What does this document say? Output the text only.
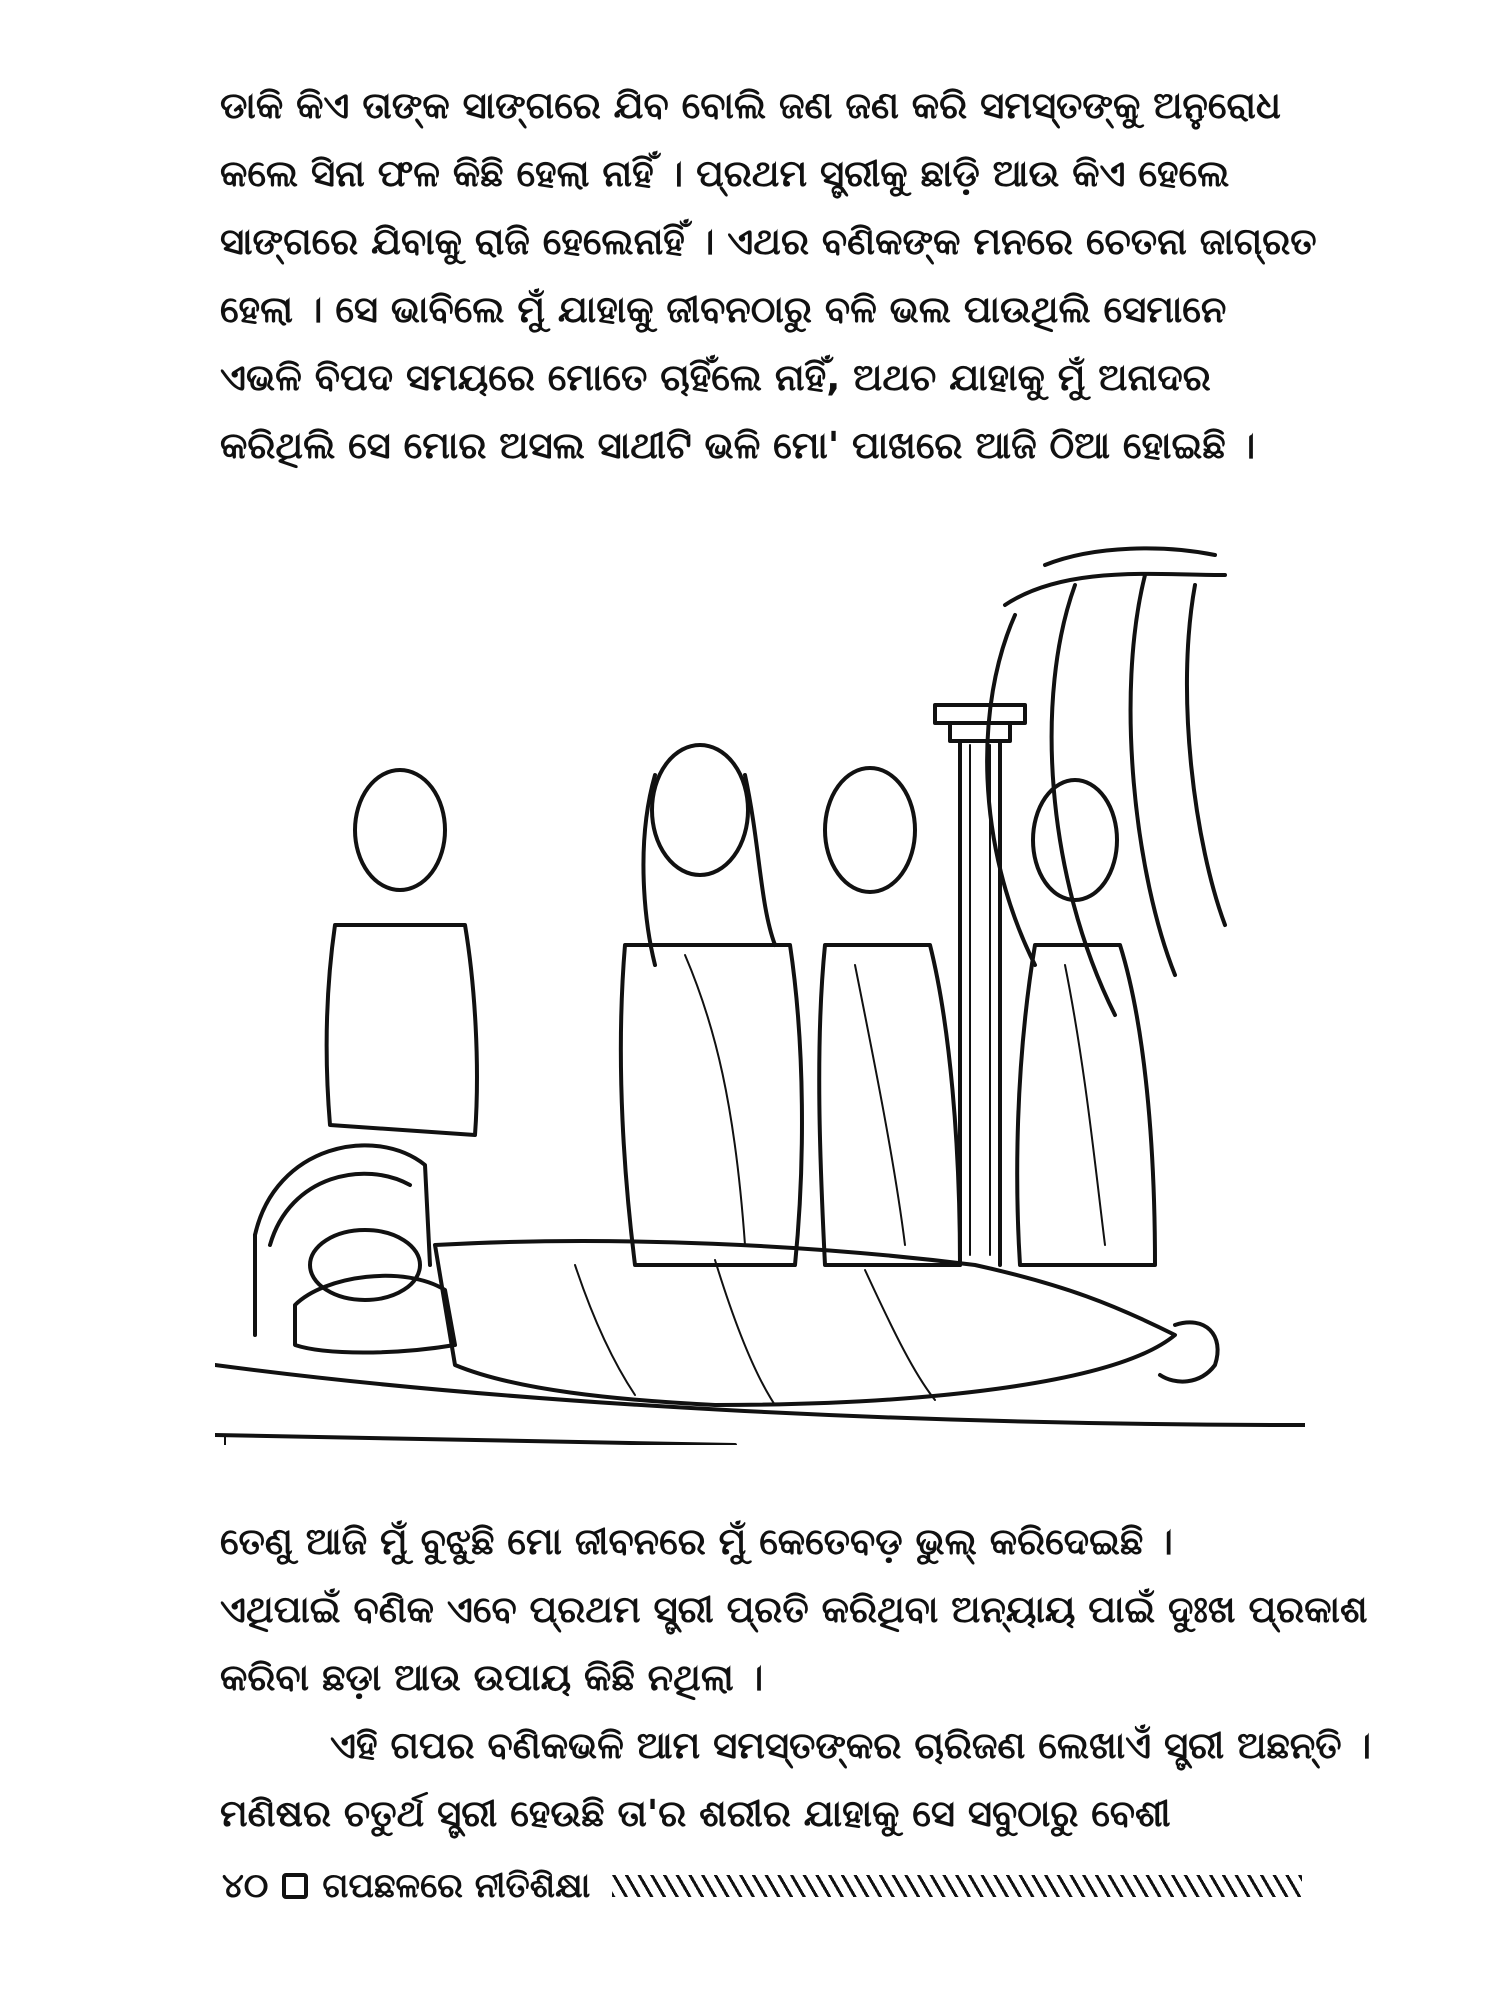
ଡାକି କିଏ ତାଙ୍କ ସାଙ୍ଗରେ ଯିବ ବୋଲି ଜଣ ଜଣ କରି ସମସ୍ତଙ୍କୁ ଅନୁରୋଧ
କଲେ ସିନା ଫଳ କିଛି ହେଲା ନାହିଁ । ପ୍ରଥମ ସ୍ତ୍ରୀକୁ ଛାଡ଼ି ଆଉ କିଏ ହେଲେ
ସାଙ୍ଗରେ ଯିବାକୁ ରାଜି ହେଲେନାହିଁ । ଏଥର ବଣିକଙ୍କ ମନରେ ଚେତନା ଜାଗ୍ରତ
ହେଲା । ସେ ଭାବିଲେ ମୁଁ ଯାହାକୁ ଜୀବନଠାରୁ ବଳି ଭଲ ପାଉଥିଲି ସେମାନେ
ଏଭଳି ବିପଦ ସମୟରେ ମୋତେ ଚାହିଁଲେ ନାହିଁ, ଅଥଚ ଯାହାକୁ ମୁଁ ଅନାଦର
କରିଥିଲି ସେ ମୋର ଅସଲ ସାଥୀଟି ଭଳି ମୋ' ପାଖରେ ଆଜି ଠିଆ ହୋଇଛି ।
ତେଣୁ ଆଜି ମୁଁ ବୁଝୁଛି ମୋ ଜୀବନରେ ମୁଁ କେତେବଡ଼ ଭୁଲ୍ କରିଦେଇଛି ।
ଏଥିପାଇଁ ବଣିକ ଏବେ ପ୍ରଥମ ସ୍ତ୍ରୀ ପ୍ରତି କରିଥିବା ଅନ୍ୟାୟ ପାଇଁ ଦୁଃଖ ପ୍ରକାଶ
କରିବା ଛଡ଼ା ଆଉ ଉପାୟ କିଛି ନଥିଲା ।
ଏହି ଗପର ବଣିକଭଳି ଆମ ସମସ୍ତଙ୍କର ଚାରିଜଣ ଲେଖାଏଁ ସ୍ତ୍ରୀ ଅଛନ୍ତି ।
ମଣିଷର ଚତୁର୍ଥ ସ୍ତ୍ରୀ ହେଉଛି ତା'ର ଶରୀର ଯାହାକୁ ସେ ସବୁଠାରୁ ବେଶୀ
୪୦ ଗପଛଳରେ ନୀତିଶିକ୍ଷା
